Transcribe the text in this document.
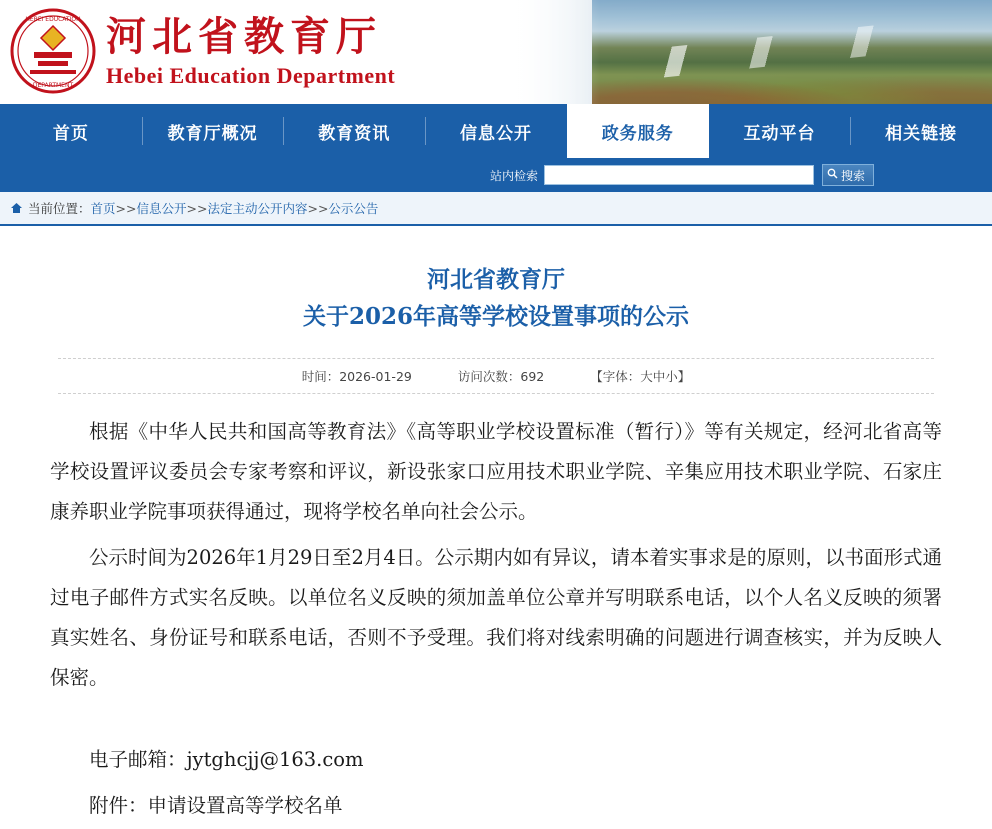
HEBEI EDUCATION
DEPARTMENT
河北省教育厅
Hebei Education Department
首页	教育厅概况	教育资讯	信息公开	政务服务	互动平台	相关链接
站内检索	搜索
当前位置： 首页 >> 信息公开 >> 法定主动公开内容 >> 公示公告
河北省教育厅
关于2026年高等学校设置事项的公示
时间：2026-01-29	访问次数：692	【字体：大中小】

根据《中华人民共和国高等教育法》《高等职业学校设置标准（暂行）》等有关规定，经河北省高等学校设置评议委员会专家考察和评议，新设张家口应用技术职业学院、辛集应用技术职业学院、石家庄康养职业学院事项获得通过，现将学校名单向社会公示。

公示时间为2026年1月29日至2月4日。公示期内如有异议，请本着实事求是的原则，以书面形式通过电子邮件方式实名反映。以单位名义反映的须加盖单位公章并写明联系电话，以个人名义反映的须署真实姓名、身份证号和联系电话，否则不予受理。我们将对线索明确的问题进行调查核实，并为反映人保密。

电子邮箱：jytghcjj@163.com

附件：申请设置高等学校名单
